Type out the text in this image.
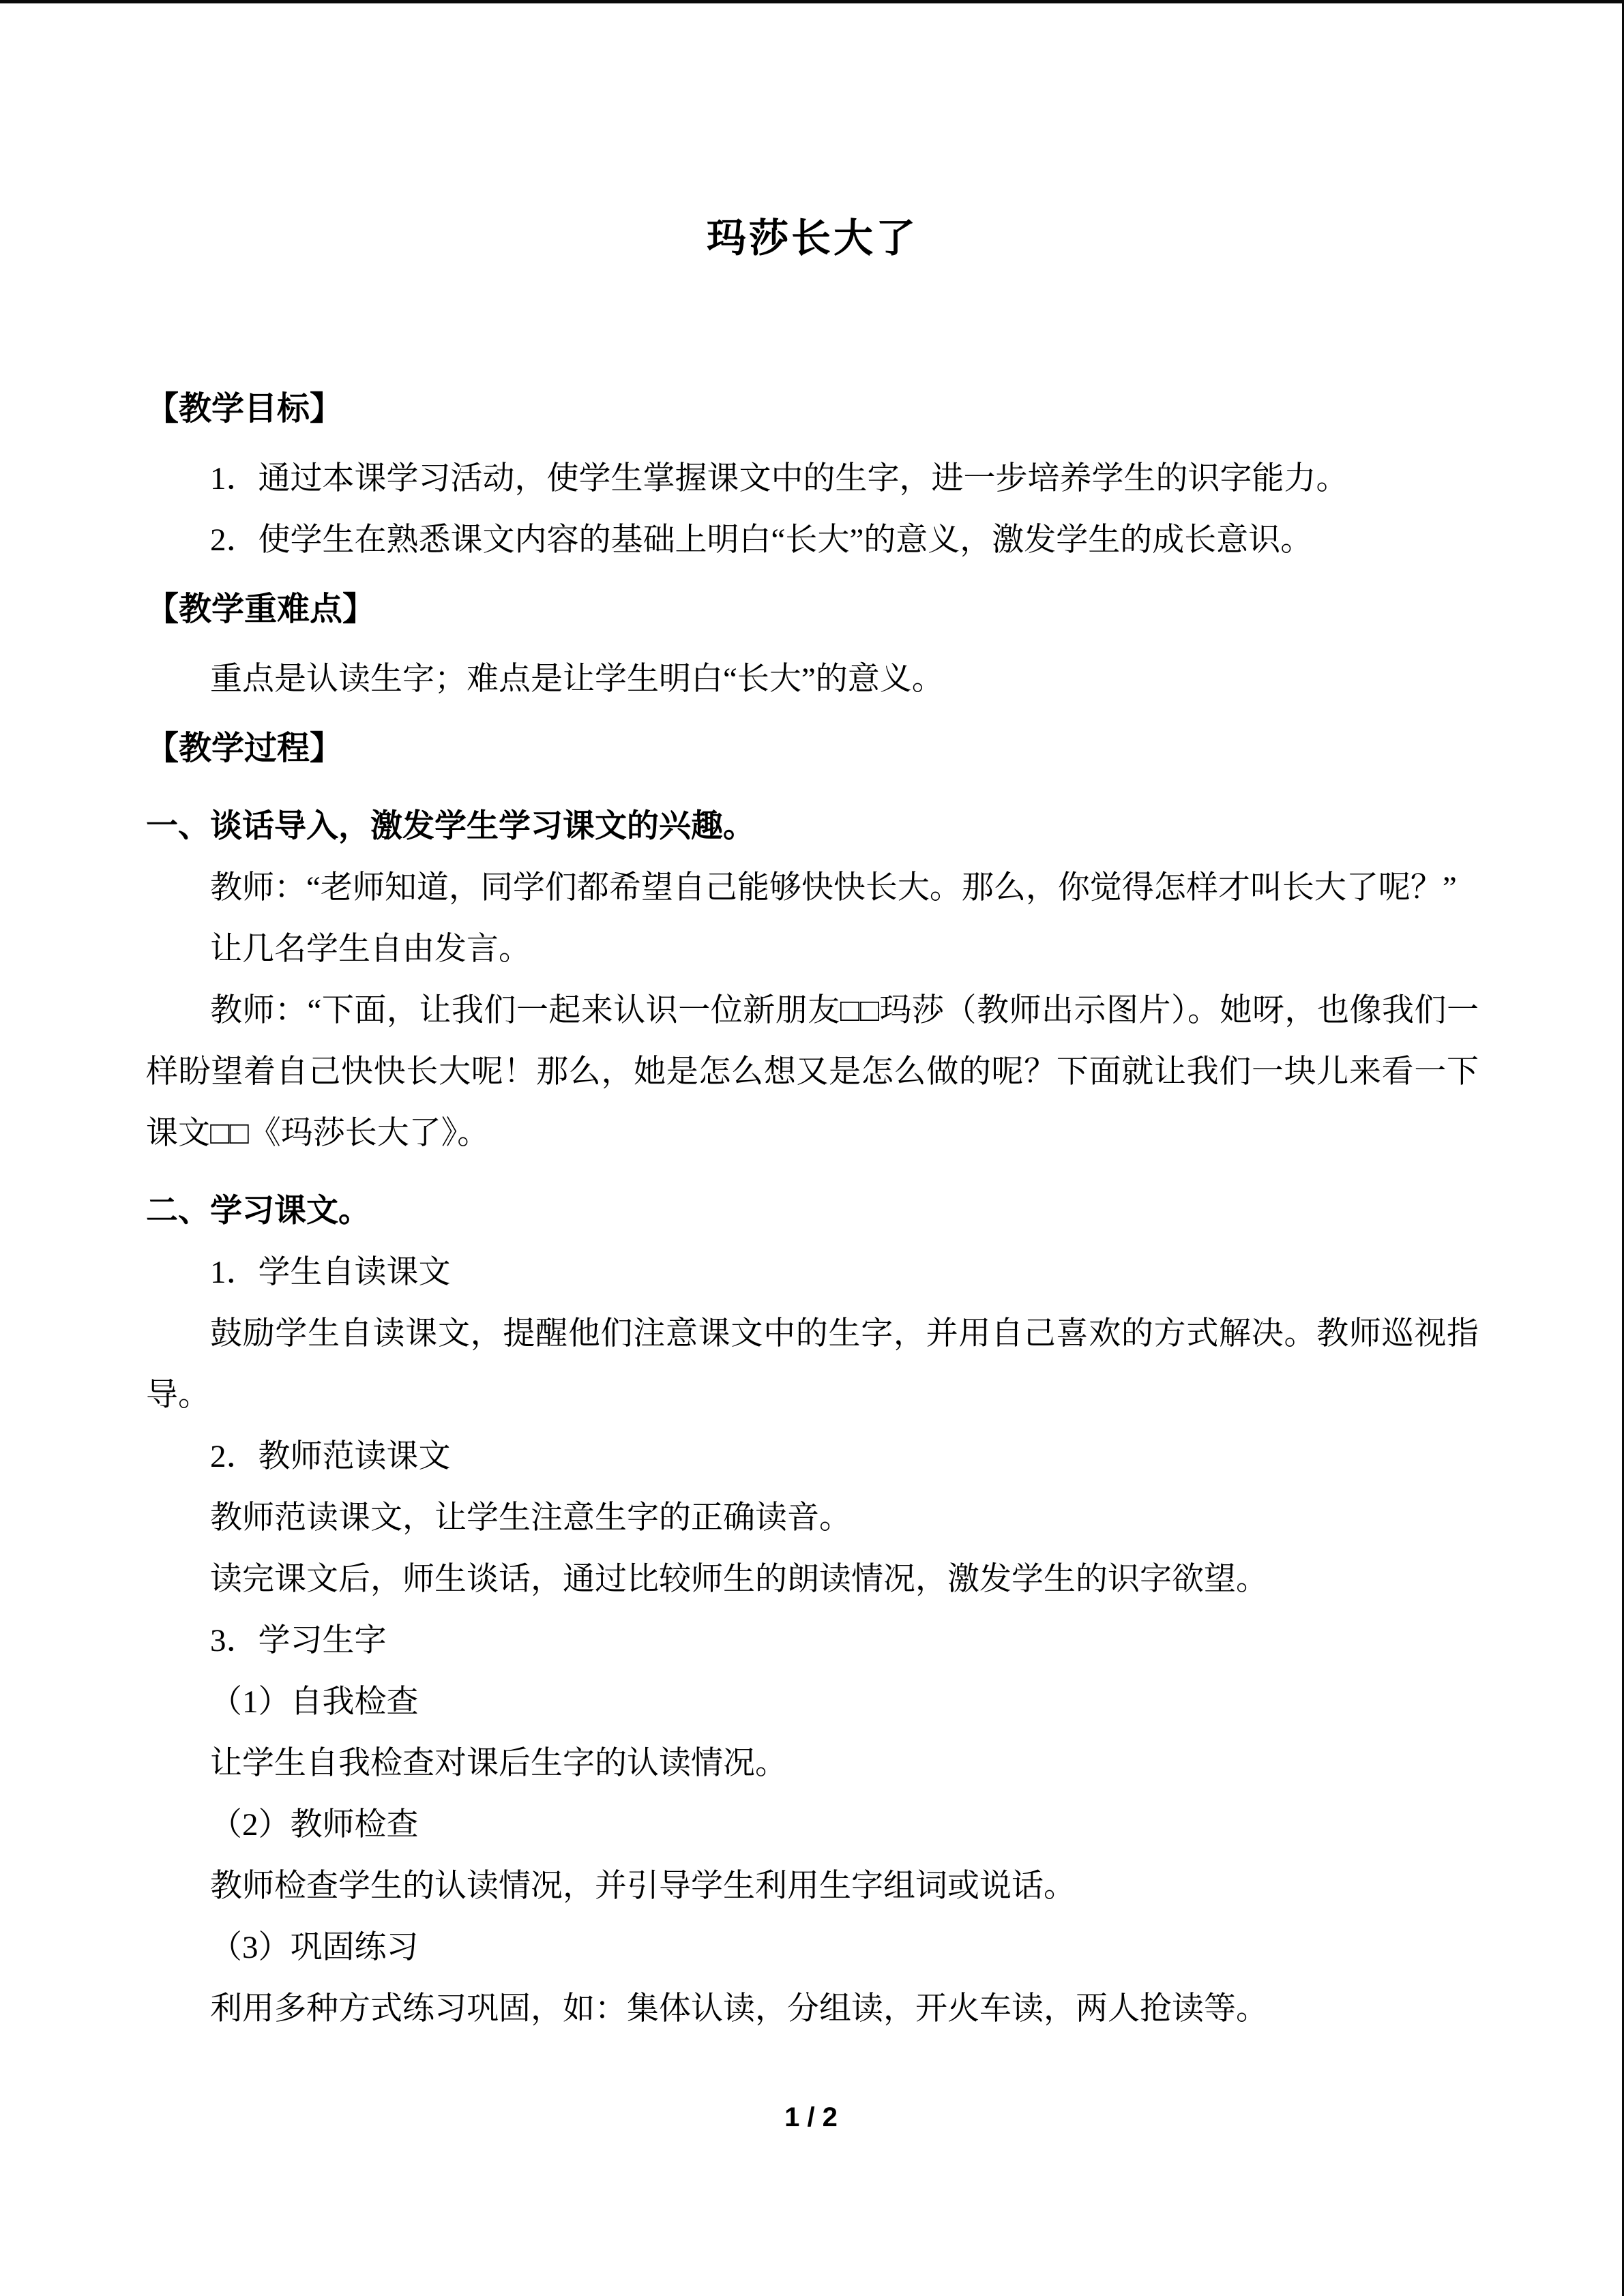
玛莎长大了
【教学目标】

1．通过本课学习活动，使学生掌握课文中的生字，进一步培养学生的识字能力。

2．使学生在熟悉课文内容的基础上明白“长大”的意义，激发学生的成长意识。

【教学重难点】

重点是认读生字；难点是让学生明白“长大”的意义。

【教学过程】
一、谈话导入，激发学生学习课文的兴趣。

教师：“老师知道，同学们都希望自己能够快快长大。那么，你觉得怎样才叫长大了呢？”

让几名学生自由发言。

教师：“下面，让我们一起来认识一位新朋友□□玛莎（教师出示图片）。她呀，也像我们一样盼望着自己快快长大呢！那么，她是怎么想又是怎么做的呢？下面就让我们一块儿来看一下课文□□《玛莎长大了》。

二、学习课文。

1．学生自读课文

鼓励学生自读课文，提醒他们注意课文中的生字，并用自己喜欢的方式解决。教师巡视指导。

2．教师范读课文

教师范读课文，让学生注意生字的正确读音。

读完课文后，师生谈话，通过比较师生的朗读情况，激发学生的识字欲望。

3．学习生字

（1）自我检查

让学生自我检查对课后生字的认读情况。

（2）教师检查

教师检查学生的认读情况，并引导学生利用生字组词或说话。

（3）巩固练习

利用多种方式练习巩固，如：集体认读，分组读，开火车读，两人抢读等。

1 / 2
